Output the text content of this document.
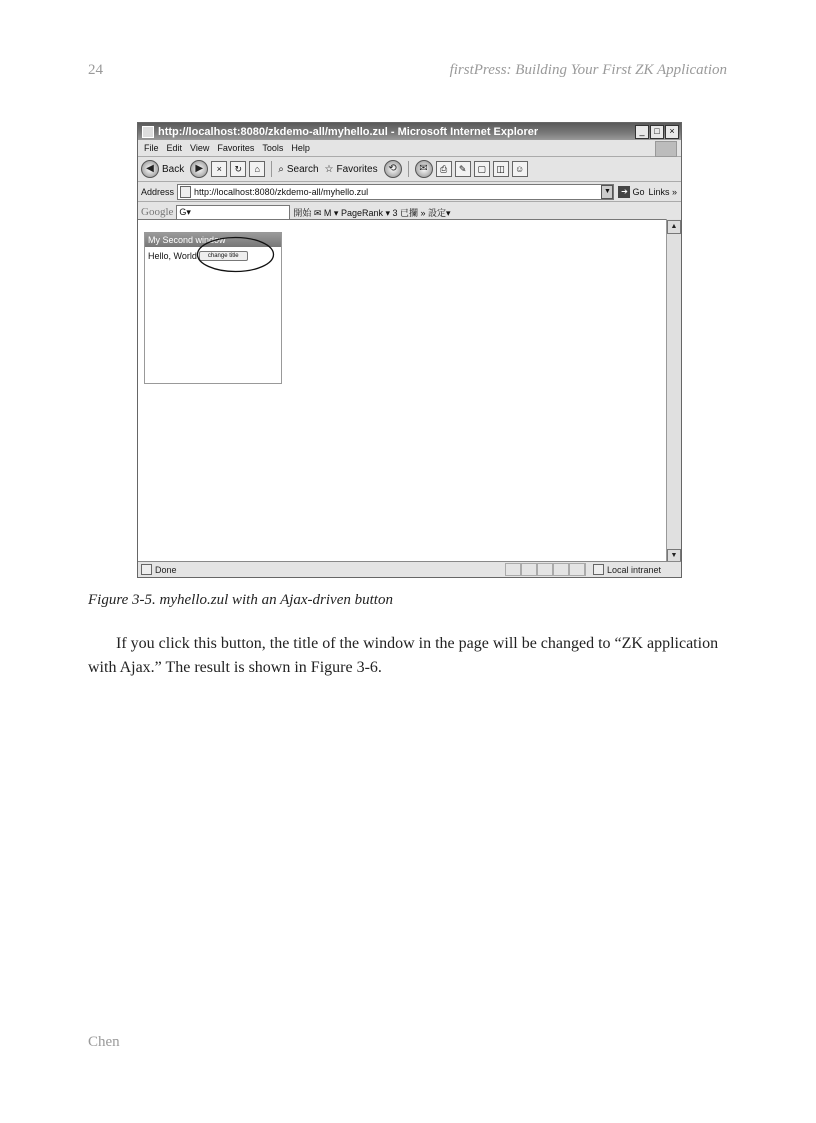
24	firstPress: Building Your First ZK Application
http://localhost:8080/zkdemo-all/myhello.zul - Microsoft Internet Explorer	_	□	×
File Edit View Favorites Tools Help
◀ Back	▶	×	↻	⌂	⌕ Search ☆ Favorites	⟲	✉	⎙	✎	▢	◫	☺
Address http://localhost:8080/zkdemo-all/myhello.zul	▼	➔ Go Links »
Google G▾	開始 ✉ M ▾ PageRank ▾ 3 已攔 » 設定▾
My Second window
Hello, World	change title
▲
▼
Done	Local intranet
Figure 3-5. myhello.zul with an Ajax-driven button
If you click this button, the title of the window in the page will be changed to “ZK application with Ajax.” The result is shown in Figure 3-6.
Chen
